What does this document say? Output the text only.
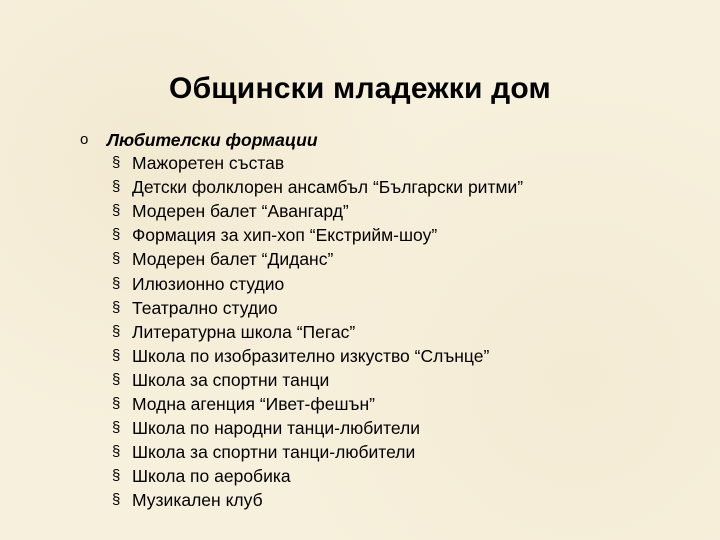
Общински младежки дом
o	Любителски формации
§ Мажоретен състав
§ Детски фолклорен ансамбъл “Български ритми”
§ Модерен балет “Авангард”
§ Формация за хип-хоп “Екстрийм-шоу”
§ Модерен балет “Диданс”
§ Илюзионно студио
§ Театрално студио
§ Литературна школа “Пегас”
§ Школа по изобразително изкуство “Слънце”
§ Школа за спортни танци
§ Модна агенция “Ивет-фешън”
§ Школа по народни танци-любители
§ Школа за спортни танци-любители
§ Школа по аеробика
§ Музикален клуб
